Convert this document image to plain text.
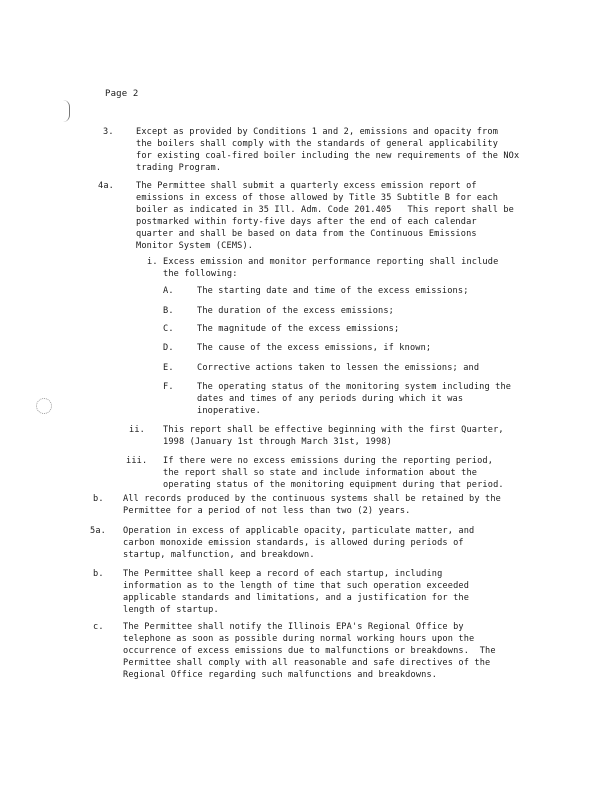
Page 2
3.	Except as provided by Conditions 1 and 2, emissions and opacity from
the boilers shall comply with the standards of general applicability
for existing coal-fired boiler including the new requirements of the NOx
trading Program.
4a.	The Permittee shall submit a quarterly excess emission report of
emissions in excess of those allowed by Title 35 Subtitle B for each
boiler as indicated in 35 Ill. Adm. Code 201.405   This report shall be
postmarked within forty-five days after the end of each calendar
quarter and shall be based on data from the Continuous Emissions
Monitor System (CEMS).
i. Excess emission and monitor performance reporting shall include
the following:
A.	The starting date and time of the excess emissions;
B.	The duration of the excess emissions;
C.	The magnitude of the excess emissions;
D.	The cause of the excess emissions, if known;
E.	Corrective actions taken to lessen the emissions; and
F.	The operating status of the monitoring system including the
dates and times of any periods during which it was
inoperative.
ii. This report shall be effective beginning with the first Quarter,
1998 (January 1st through March 31st, 1998)
iii. If there were no excess emissions during the reporting period,
the report shall so state and include information about the
operating status of the monitoring equipment during that period.
b. All records produced by the continuous systems shall be retained by the
Permittee for a period of not less than two (2) years.
5a. Operation in excess of applicable opacity, particulate matter, and
carbon monoxide emission standards, is allowed during periods of
startup, malfunction, and breakdown.
b. The Permittee shall keep a record of each startup, including
information as to the length of time that such operation exceeded
applicable standards and limitations, and a justification for the
length of startup.
c. The Permittee shall notify the Illinois EPA's Regional Office by
telephone as soon as possible during normal working hours upon the
occurrence of excess emissions due to malfunctions or breakdowns.  The
Permittee shall comply with all reasonable and safe directives of the
Regional Office regarding such malfunctions and breakdowns.
